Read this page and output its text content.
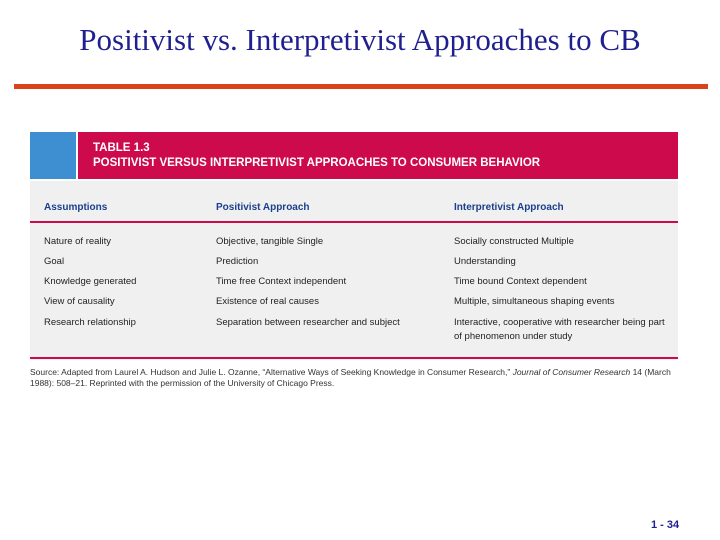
Positivist vs. Interpretivist Approaches to CB
TABLE 1.3
POSITIVIST VERSUS INTERPRETIVIST APPROACHES TO CONSUMER BEHAVIOR
Assumptions	Positivist Approach	Interpretivist Approach
Nature of reality	Objective, tangible Single	Socially constructed Multiple
Goal	Prediction	Understanding
Knowledge generated	Time free Context independent	Time bound Context dependent
View of causality	Existence of real causes	Multiple, simultaneous shaping events
Research relationship	Separation between researcher and subject	Interactive, cooperative with researcher being part of phenomenon under study
Source: Adapted from Laurel A. Hudson and Julie L. Ozanne, “Alternative Ways of Seeking Knowledge in Consumer Research,” Journal of Consumer Research 14 (March 1988): 508–21. Reprinted with the permission of the University of Chicago Press.
1 - 34
